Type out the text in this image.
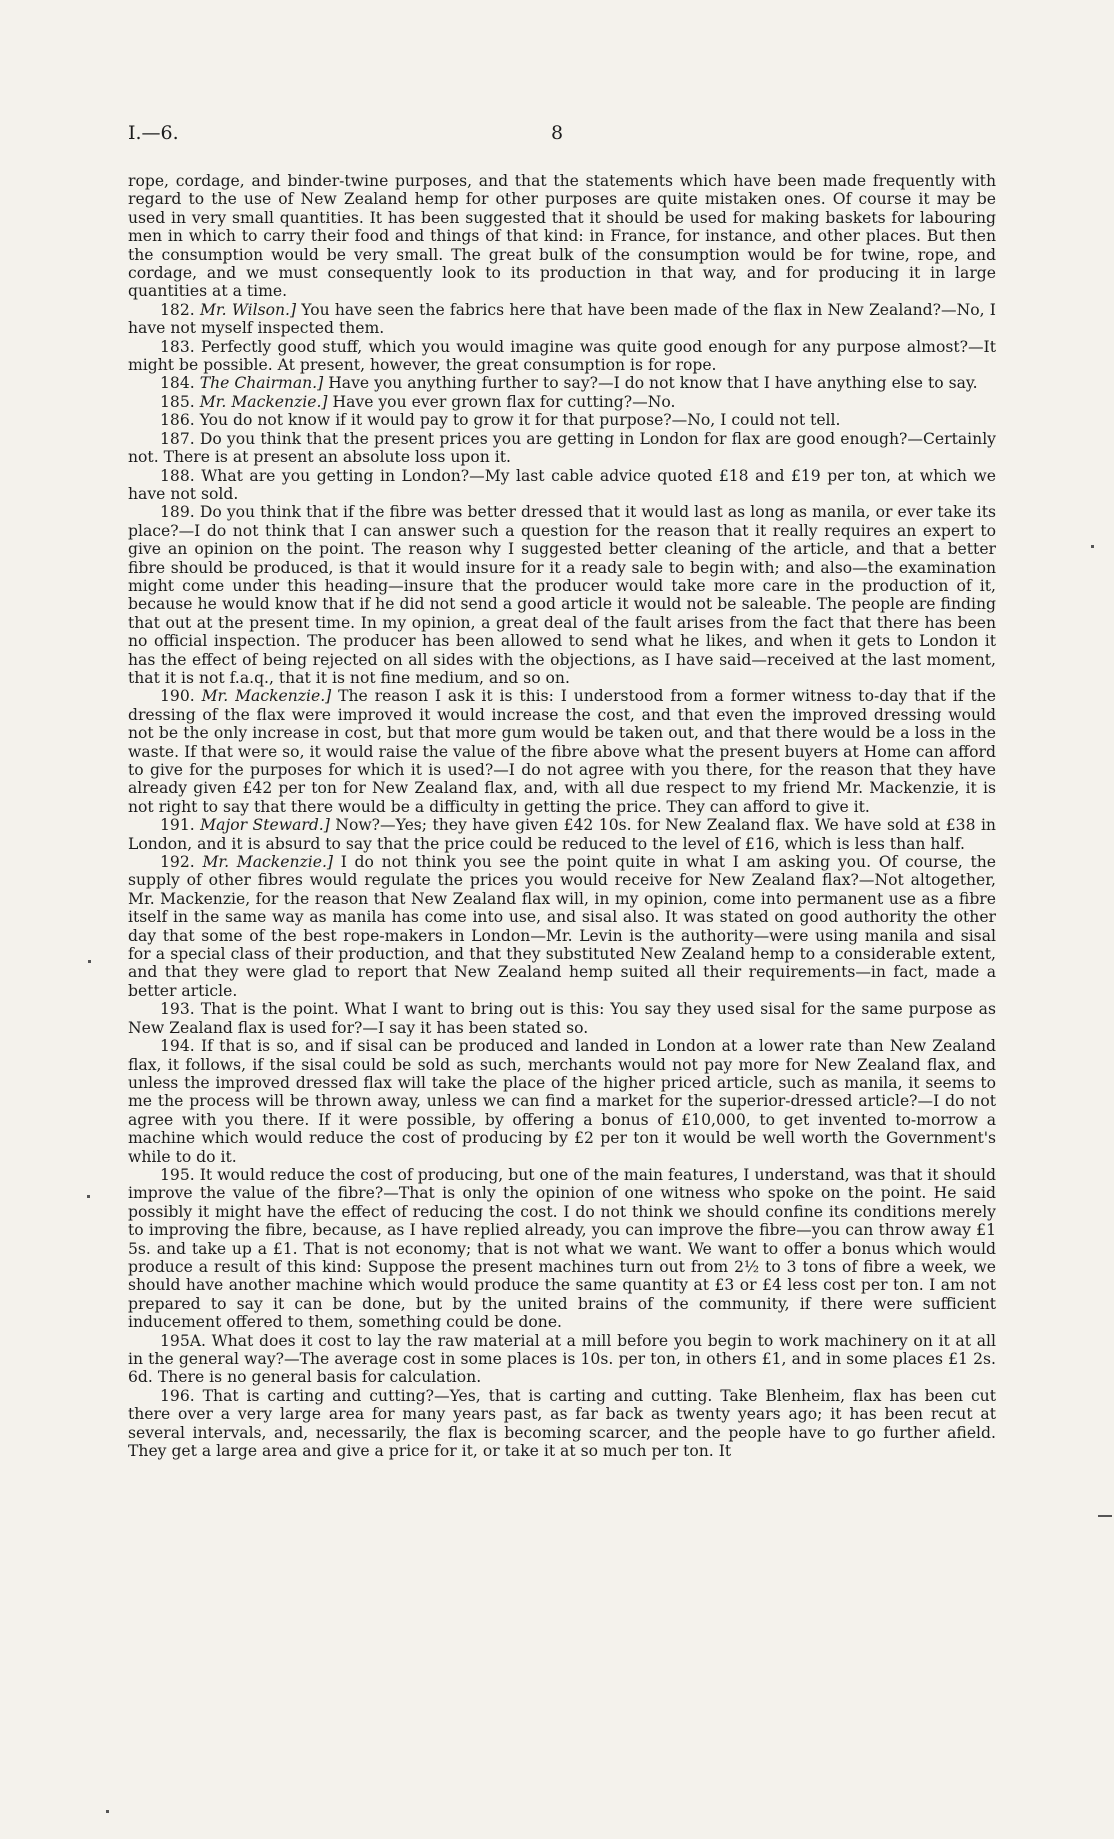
I.—6.	8

rope, cordage, and binder-twine purposes, and that the statements which have been made frequently with regard to the use of New Zealand hemp for other purposes are quite mistaken ones. Of course it may be used in very small quantities. It has been suggested that it should be used for making baskets for labouring men in which to carry their food and things of that kind: in France, for instance, and other places. But then the consumption would be very small. The great bulk of the consumption would be for twine, rope, and cordage, and we must consequently look to its production in that way, and for producing it in large quantities at a time.

182. Mr. Wilson.] You have seen the fabrics here that have been made of the flax in New Zealand?—No, I have not myself inspected them.

183. Perfectly good stuff, which you would imagine was quite good enough for any purpose almost?—It might be possible. At present, however, the great consumption is for rope.

184. The Chairman.] Have you anything further to say?—I do not know that I have anything else to say.

185. Mr. Mackenzie.] Have you ever grown flax for cutting?—No.

186. You do not know if it would pay to grow it for that purpose?—No, I could not tell.

187. Do you think that the present prices you are getting in London for flax are good enough?—Certainly not. There is at present an absolute loss upon it.

188. What are you getting in London?—My last cable advice quoted £18 and £19 per ton, at which we have not sold.

189. Do you think that if the fibre was better dressed that it would last as long as manila, or ever take its place?—I do not think that I can answer such a question for the reason that it really requires an expert to give an opinion on the point. The reason why I suggested better cleaning of the article, and that a better fibre should be produced, is that it would insure for it a ready sale to begin with; and also—the examination might come under this heading—insure that the producer would take more care in the production of it, because he would know that if he did not send a good article it would not be saleable. The people are finding that out at the present time. In my opinion, a great deal of the fault arises from the fact that there has been no official inspection. The producer has been allowed to send what he likes, and when it gets to London it has the effect of being rejected on all sides with the objections, as I have said—received at the last moment, that it is not f.a.q., that it is not fine medium, and so on.

190. Mr. Mackenzie.] The reason I ask it is this: I understood from a former witness to-day that if the dressing of the flax were improved it would increase the cost, and that even the improved dressing would not be the only increase in cost, but that more gum would be taken out, and that there would be a loss in the waste. If that were so, it would raise the value of the fibre above what the present buyers at Home can afford to give for the purposes for which it is used?—I do not agree with you there, for the reason that they have already given £42 per ton for New Zealand flax, and, with all due respect to my friend Mr. Mackenzie, it is not right to say that there would be a difficulty in getting the price. They can afford to give it.

191. Major Steward.] Now?—Yes; they have given £42 10s. for New Zealand flax. We have sold at £38 in London, and it is absurd to say that the price could be reduced to the level of £16, which is less than half.

192. Mr. Mackenzie.] I do not think you see the point quite in what I am asking you. Of course, the supply of other fibres would regulate the prices you would receive for New Zealand flax?—Not altogether, Mr. Mackenzie, for the reason that New Zealand flax will, in my opinion, come into permanent use as a fibre itself in the same way as manila has come into use, and sisal also. It was stated on good authority the other day that some of the best rope-makers in London—Mr. Levin is the authority—were using manila and sisal for a special class of their production, and that they substituted New Zealand hemp to a considerable extent, and that they were glad to report that New Zealand hemp suited all their requirements—in fact, made a better article.

193. That is the point. What I want to bring out is this: You say they used sisal for the same purpose as New Zealand flax is used for?—I say it has been stated so.

194. If that is so, and if sisal can be produced and landed in London at a lower rate than New Zealand flax, it follows, if the sisal could be sold as such, merchants would not pay more for New Zealand flax, and unless the improved dressed flax will take the place of the higher priced article, such as manila, it seems to me the process will be thrown away, unless we can find a market for the superior-dressed article?—I do not agree with you there. If it were possible, by offering a bonus of £10,000, to get invented to-morrow a machine which would reduce the cost of producing by £2 per ton it would be well worth the Government's while to do it.

195. It would reduce the cost of producing, but one of the main features, I understand, was that it should improve the value of the fibre?—That is only the opinion of one witness who spoke on the point. He said possibly it might have the effect of reducing the cost. I do not think we should confine its conditions merely to improving the fibre, because, as I have replied already, you can improve the fibre—you can throw away £1 5s. and take up a £1. That is not economy; that is not what we want. We want to offer a bonus which would produce a result of this kind: Suppose the present machines turn out from 2½ to 3 tons of fibre a week, we should have another machine which would produce the same quantity at £3 or £4 less cost per ton. I am not prepared to say it can be done, but by the united brains of the community, if there were sufficient inducement offered to them, something could be done.

195A. What does it cost to lay the raw material at a mill before you begin to work machinery on it at all in the general way?—The average cost in some places is 10s. per ton, in others £1, and in some places £1 2s. 6d. There is no general basis for calculation.

196. That is carting and cutting?—Yes, that is carting and cutting. Take Blenheim, flax has been cut there over a very large area for many years past, as far back as twenty years ago; it has been recut at several intervals, and, necessarily, the flax is becoming scarcer, and the people have to go further afield. They get a large area and give a price for it, or take it at so much per ton. It
